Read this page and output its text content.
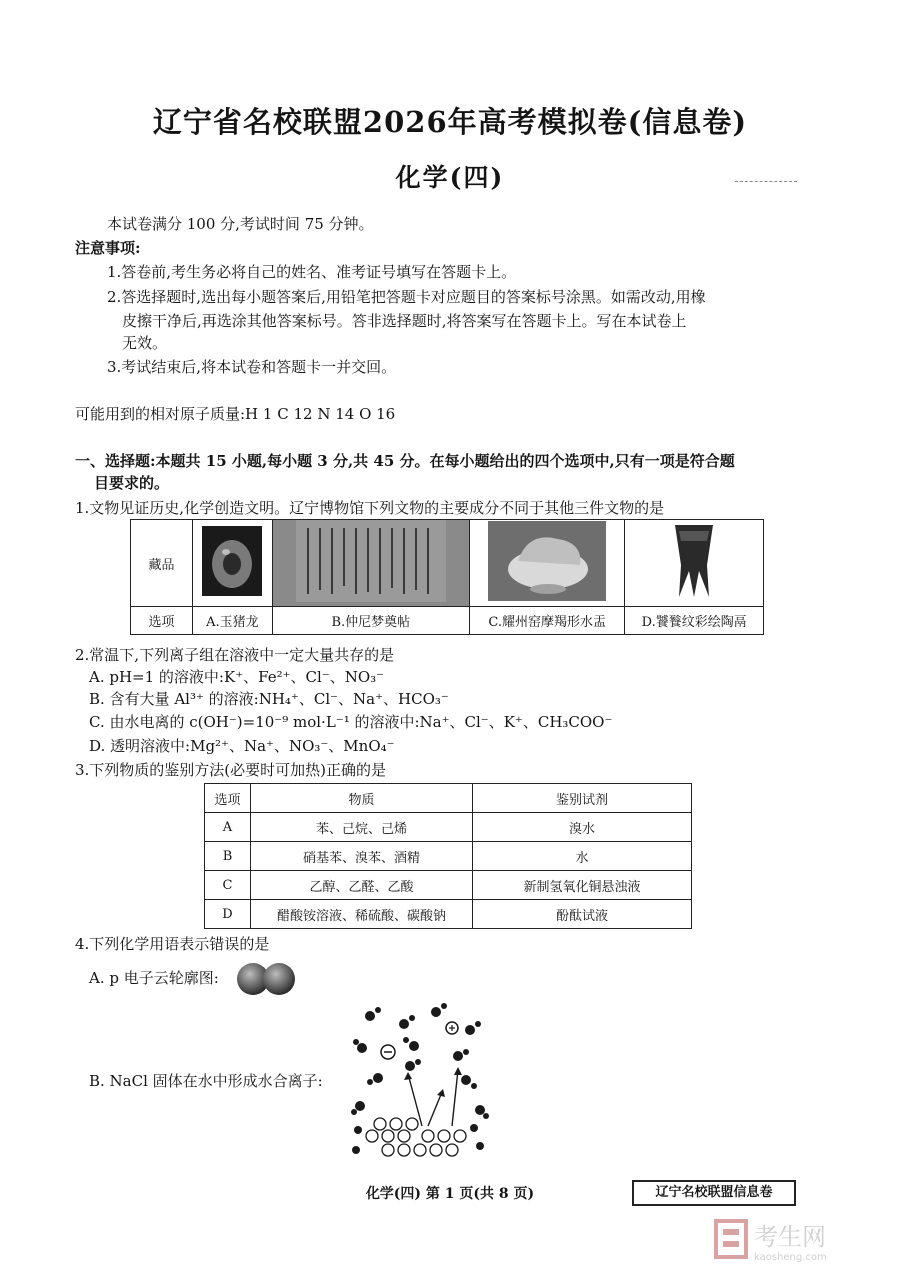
辽宁省名校联盟2026年高考模拟卷(信息卷)
化学(四)
本试卷满分 100 分,考试时间 75 分钟。
注意事项:
1.答卷前,考生务必将自己的姓名、准考证号填写在答题卡上。
2.答选择题时,选出每小题答案后,用铅笔把答题卡对应题目的答案标号涂黑。如需改动,用橡
皮擦干净后,再选涂其他答案标号。答非选择题时,将答案写在答题卡上。写在本试卷上
无效。
3.考试结束后,将本试卷和答题卡一并交回。
可能用到的相对原子质量:H 1 C 12 N 14 O 16
一、选择题:本题共 15 小题,每小题 3 分,共 45 分。在每小题给出的四个选项中,只有一项是符合题
目要求的。
1.文物见证历史,化学创造文明。辽宁博物馆下列文物的主要成分不同于其他三件文物的是
藏品				
选项	A.玉猪龙	B.仲尼梦奠帖	C.耀州窑摩羯形水盂	D.饕餮纹彩绘陶鬲
2.常温下,下列离子组在溶液中一定大量共存的是
A. pH=1 的溶液中:K⁺、Fe²⁺、Cl⁻、NO₃⁻
B. 含有大量 Al³⁺ 的溶液:NH₄⁺、Cl⁻、Na⁺、HCO₃⁻
C. 由水电离的 c(OH⁻)=10⁻⁹ mol·L⁻¹ 的溶液中:Na⁺、Cl⁻、K⁺、CH₃COO⁻
D. 透明溶液中:Mg²⁺、Na⁺、NO₃⁻、MnO₄⁻
3.下列物质的鉴别方法(必要时可加热)正确的是
选项	物质	鉴别试剂
A	苯、己烷、己烯	溴水
B	硝基苯、溴苯、酒精	水
C	乙醇、乙醛、乙酸	新制氢氧化铜悬浊液
D	醋酸铵溶液、稀硫酸、碳酸钠	酚酞试液
4.下列化学用语表示错误的是
A. p 电子云轮廓图:
B. NaCl 固体在水中形成水合离子:
化学(四) 第 1 页(共 8 页)	辽宁名校联盟信息卷
考生网
kaosheng.com
